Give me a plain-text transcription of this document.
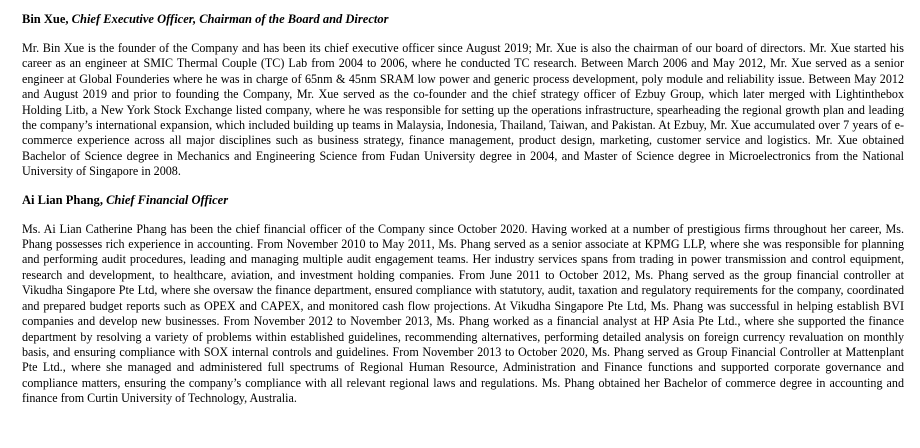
Bin Xue, Chief Executive Officer, Chairman of the Board and Director

Mr. Bin Xue is the founder of the Company and has been its chief executive officer since August 2019; Mr. Xue is also the chairman of our board of directors. Mr. Xue started his career as an engineer at SMIC Thermal Couple (TC) Lab from 2004 to 2006, where he conducted TC research. Between March 2006 and May 2012, Mr. Xue served as a senior engineer at Global Founderies where he was in charge of 65nm & 45nm SRAM low power and generic process development, poly module and reliability issue. Between May 2012 and August 2019 and prior to founding the Company, Mr. Xue served as the co-founder and the chief strategy officer of Ezbuy Group, which later merged with Lightinthebox Holding Litb, a New York Stock Exchange listed company, where he was responsible for setting up the operations infrastructure, spearheading the regional growth plan and leading the company’s international expansion, which included building up teams in Malaysia, Indonesia, Thailand, Taiwan, and Pakistan. At Ezbuy, Mr. Xue accumulated over 7 years of e-commerce experience across all major disciplines such as business strategy, finance management, product design, marketing, customer service and logistics. Mr. Xue obtained Bachelor of Science degree in Mechanics and Engineering Science from Fudan University degree in 2004, and Master of Science degree in Microelectronics from the National University of Singapore in 2008.

Ai Lian Phang, Chief Financial Officer

Ms. Ai Lian Catherine Phang has been the chief financial officer of the Company since October 2020. Having worked at a number of prestigious firms throughout her career, Ms. Phang possesses rich experience in accounting. From November 2010 to May 2011, Ms. Phang served as a senior associate at KPMG LLP, where she was responsible for planning and performing audit procedures, leading and managing multiple audit engagement teams. Her industry services spans from trading in power transmission and control equipment, research and development, to healthcare, aviation, and investment holding companies. From June 2011 to October 2012, Ms. Phang served as the group financial controller at Vikudha Singapore Pte Ltd, where she oversaw the finance department, ensured compliance with statutory, audit, taxation and regulatory requirements for the company, coordinated and prepared budget reports such as OPEX and CAPEX, and monitored cash flow projections. At Vikudha Singapore Pte Ltd, Ms. Phang was successful in helping establish BVI companies and develop new businesses. From November 2012 to November 2013, Ms. Phang worked as a financial analyst at HP Asia Pte Ltd., where she supported the finance department by resolving a variety of problems within established guidelines, recommending alternatives, performing detailed analysis on foreign currency revaluation on monthly basis, and ensuring compliance with SOX internal controls and guidelines. From November 2013 to October 2020, Ms. Phang served as Group Financial Controller at Mattenplant Pte Ltd., where she managed and administered full spectrums of Regional Human Resource, Administration and Finance functions and supported corporate governance and compliance matters, ensuring the company’s compliance with all relevant regional laws and regulations. Ms. Phang obtained her Bachelor of commerce degree in accounting and finance from Curtin University of Technology, Australia.
